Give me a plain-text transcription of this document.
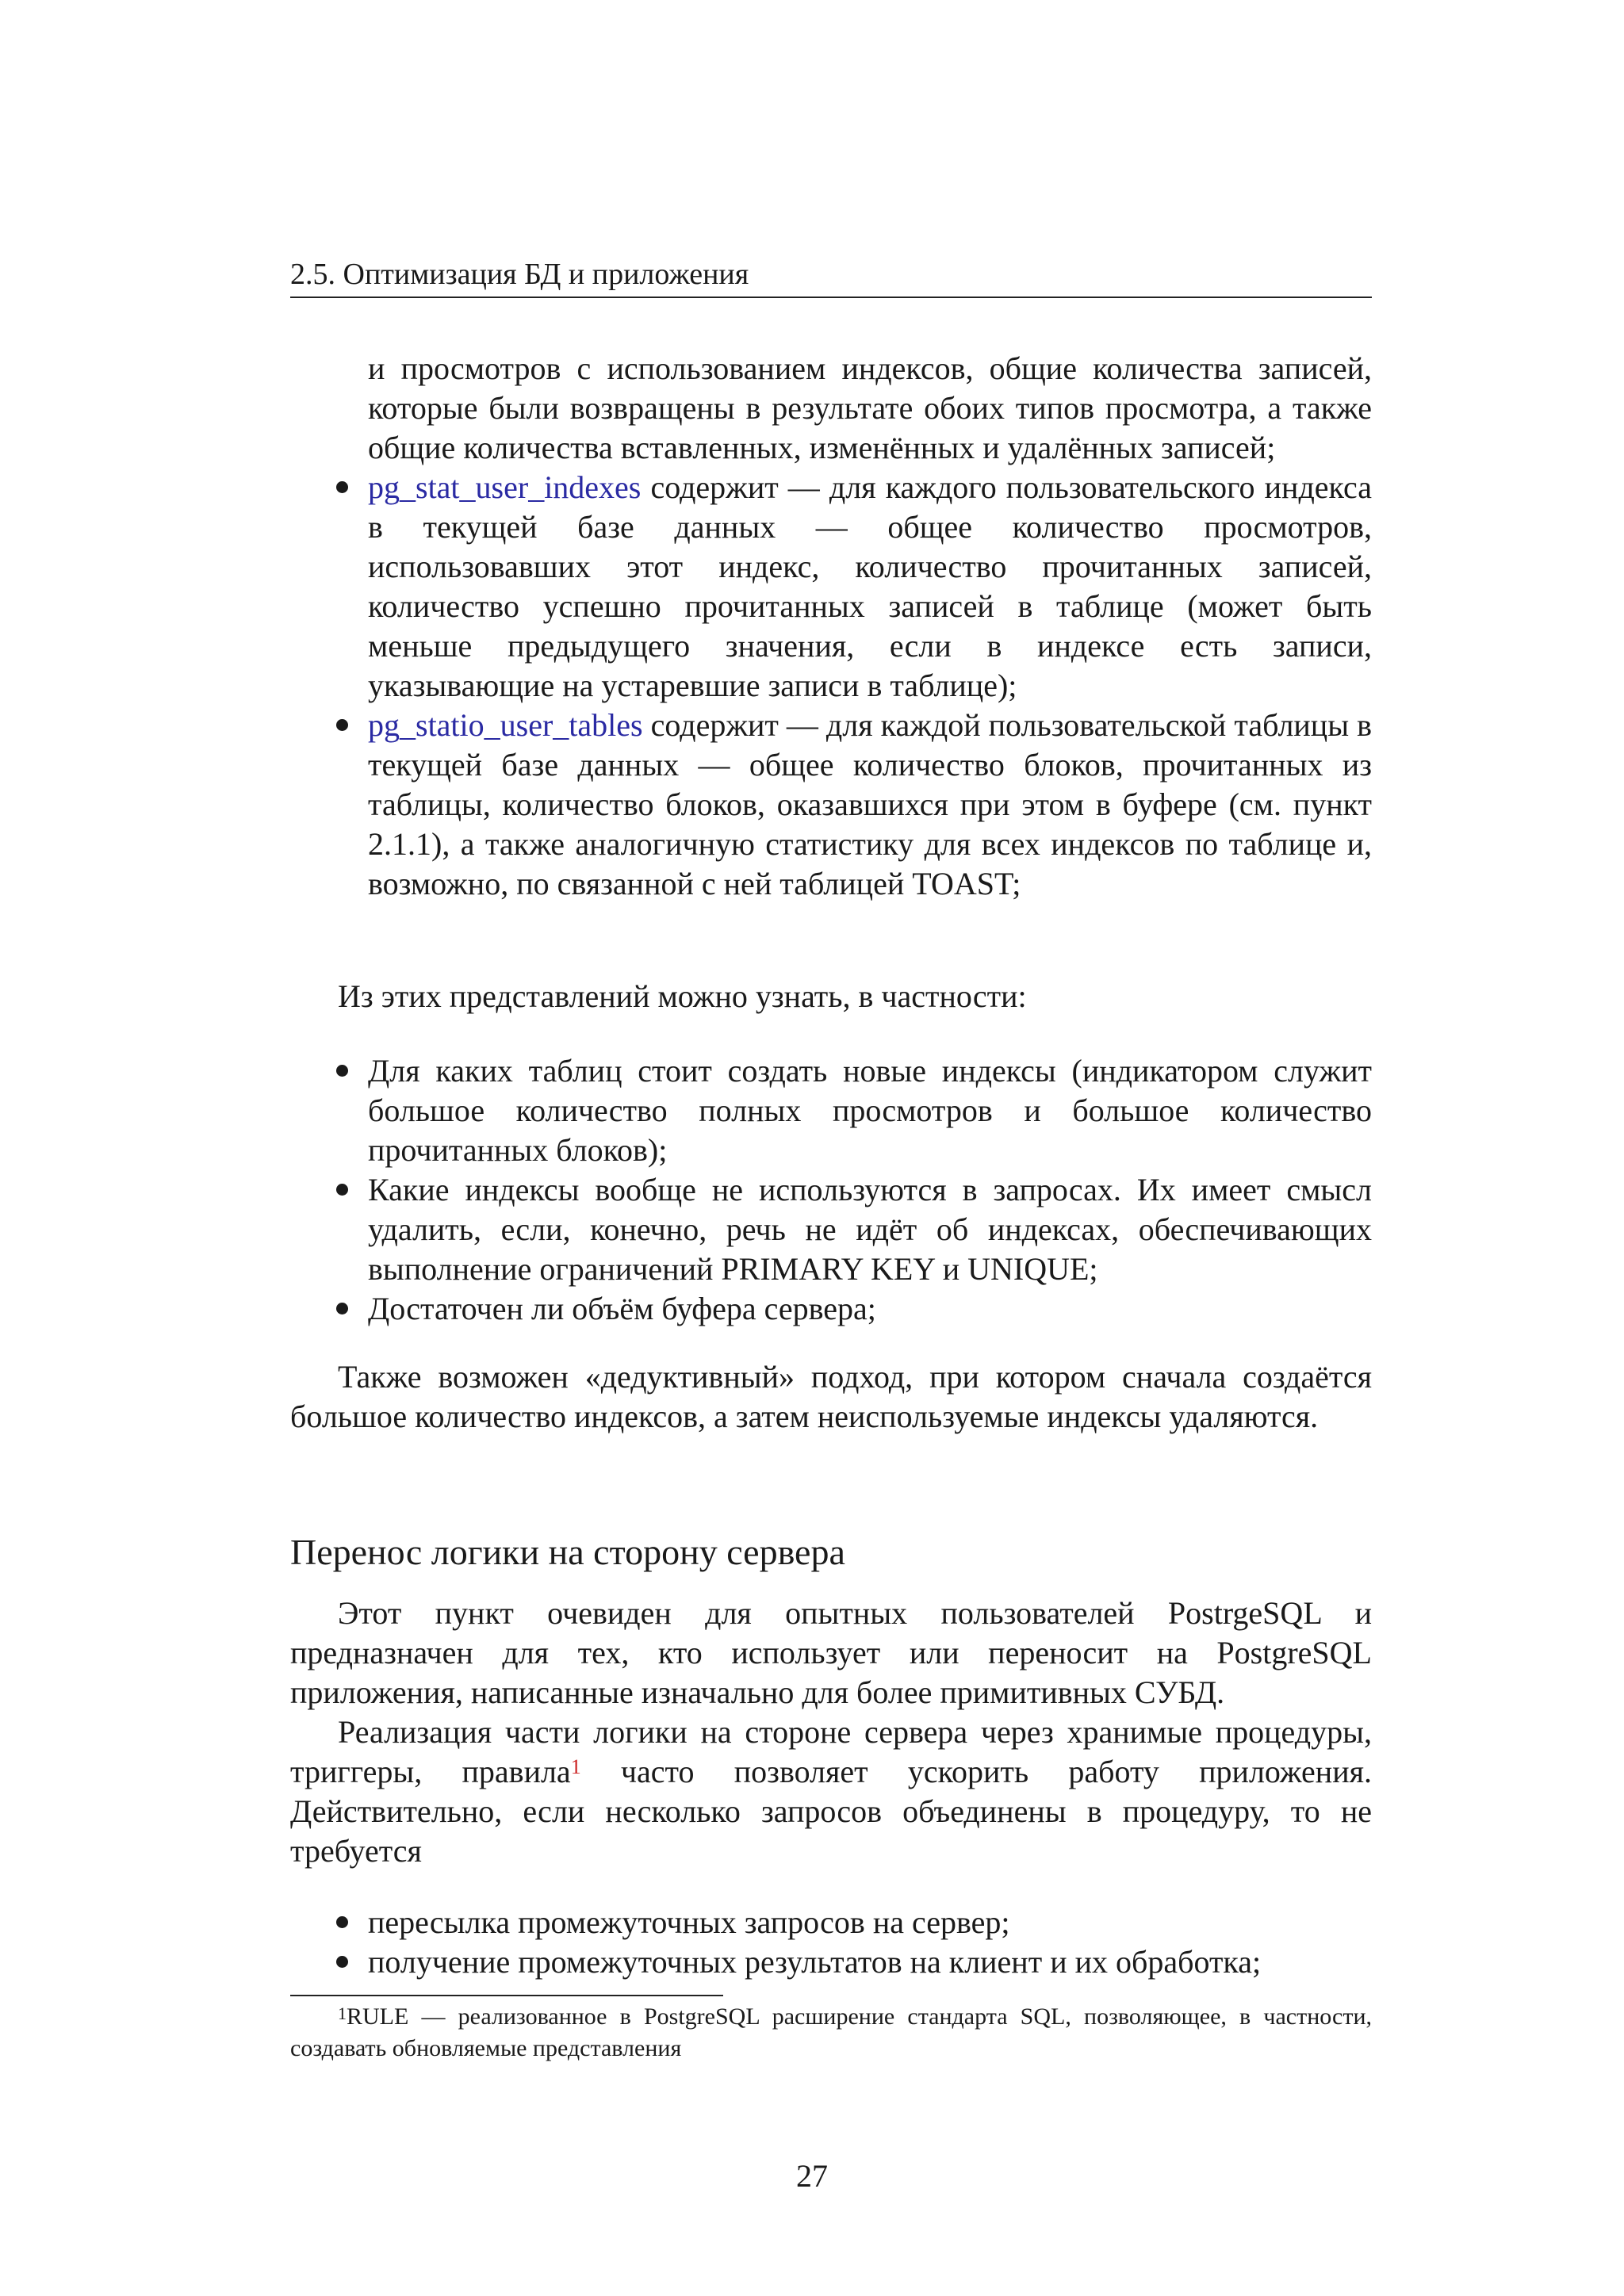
2.5. Оптимизация БД и приложения
и просмотров с использованием индексов, общие количества записей, которые были возвращены в результате обоих типов просмотра, а также общие количества вставленных, изменённых и удалённых записей;
pg_stat_user_indexes содержит — для каждого пользовательского индекса в текущей базе данных — общее количество просмотров, использовавших этот индекс, количество прочитанных записей, количество успешно прочитанных записей в таблице (может быть меньше предыдущего значения, если в индексе есть записи, указывающие на устаревшие записи в таблице);
pg_statio_user_tables содержит — для каждой пользовательской таблицы в текущей базе данных — общее количество блоков, прочитанных из таблицы, количество блоков, оказавшихся при этом в буфере (см. пункт 2.1.1), а также аналогичную статистику для всех индексов по таблице и, возможно, по связанной с ней таблицей TOAST;
Из этих представлений можно узнать, в частности:
Для каких таблиц стоит создать новые индексы (индикатором служит большое количество полных просмотров и большое количество прочитанных блоков);
Какие индексы вообще не используются в запросах. Их имеет смысл удалить, если, конечно, речь не идёт об индексах, обеспечивающих выполнение ограничений PRIMARY KEY и UNIQUE;
Достаточен ли объём буфера сервера;
Также возможен «дедуктивный» подход, при котором сначала создаётся большое количество индексов, а затем неиспользуемые индексы удаляются.
Перенос логики на сторону сервера
Этот пункт очевиден для опытных пользователей PostrgeSQL и предназначен для тех, кто использует или переносит на PostgreSQL приложения, написанные изначально для более примитивных СУБД.
Реализация части логики на стороне сервера через хранимые процедуры, триггеры, правила$^1$ часто позволяет ускорить работу приложения. Действительно, если несколько запросов объединены в процедуру, то не требуется
пересылка промежуточных запросов на сервер;
получение промежуточных результатов на клиент и их обработка;
$^1$RULE — реализованное в PostgreSQL расширение стандарта SQL, позволяющее, в частности, создавать обновляемые представления
27
